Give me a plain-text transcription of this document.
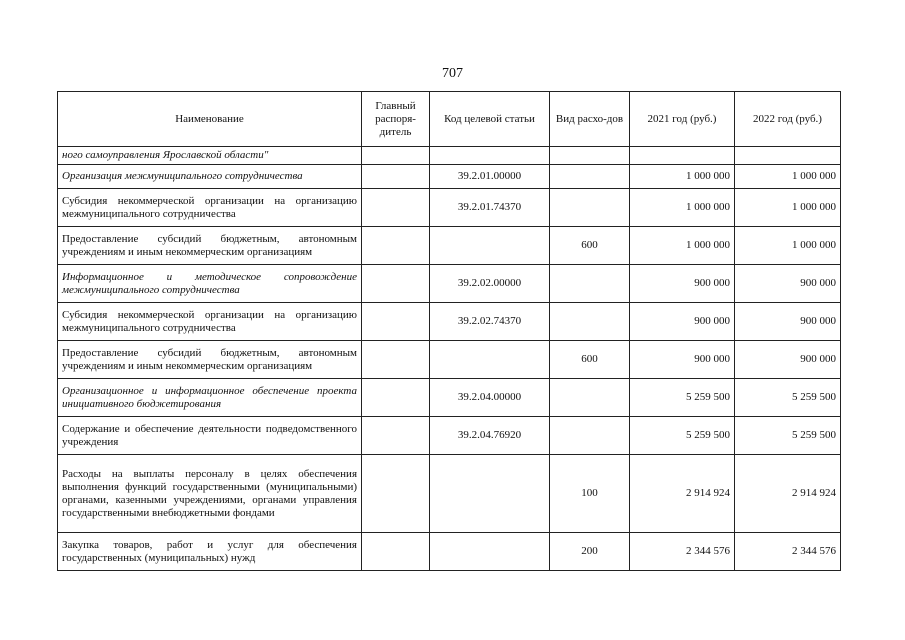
707
Наименование	Главный распоря-дитель	Код целевой статьи	Вид расхо-дов	2021 год (руб.)	2022 год (руб.)
ного самоуправления Ярославской области"					
Организация межмуниципального сотрудничества		39.2.01.00000		1 000 000	1 000 000
Субсидия некоммерческой организации на организацию межмуниципального сотрудничества		39.2.01.74370		1 000 000	1 000 000
Предоставление субсидий бюджетным, автономным учреждениям и иным некоммерческим организациям			600	1 000 000	1 000 000
Информационное и методическое сопровождение межмуниципального сотрудничества		39.2.02.00000		900 000	900 000
Субсидия некоммерческой организации на организацию межмуниципального сотрудничества		39.2.02.74370		900 000	900 000
Предоставление субсидий бюджетным, автономным учреждениям и иным некоммерческим организациям			600	900 000	900 000
Организационное и информационное обеспечение проекта инициативного бюджетирования		39.2.04.00000		5 259 500	5 259 500
Содержание и обеспечение деятельности подведомственного учреждения		39.2.04.76920		5 259 500	5 259 500
Расходы на выплаты персоналу в целях обеспечения выполнения функций государственными (муниципальными) органами, казенными учреждениями, органами управления государственными внебюджетными фондами			100	2 914 924	2 914 924
Закупка товаров, работ и услуг для обеспечения государственных (муниципальных) нужд			200	2 344 576	2 344 576
